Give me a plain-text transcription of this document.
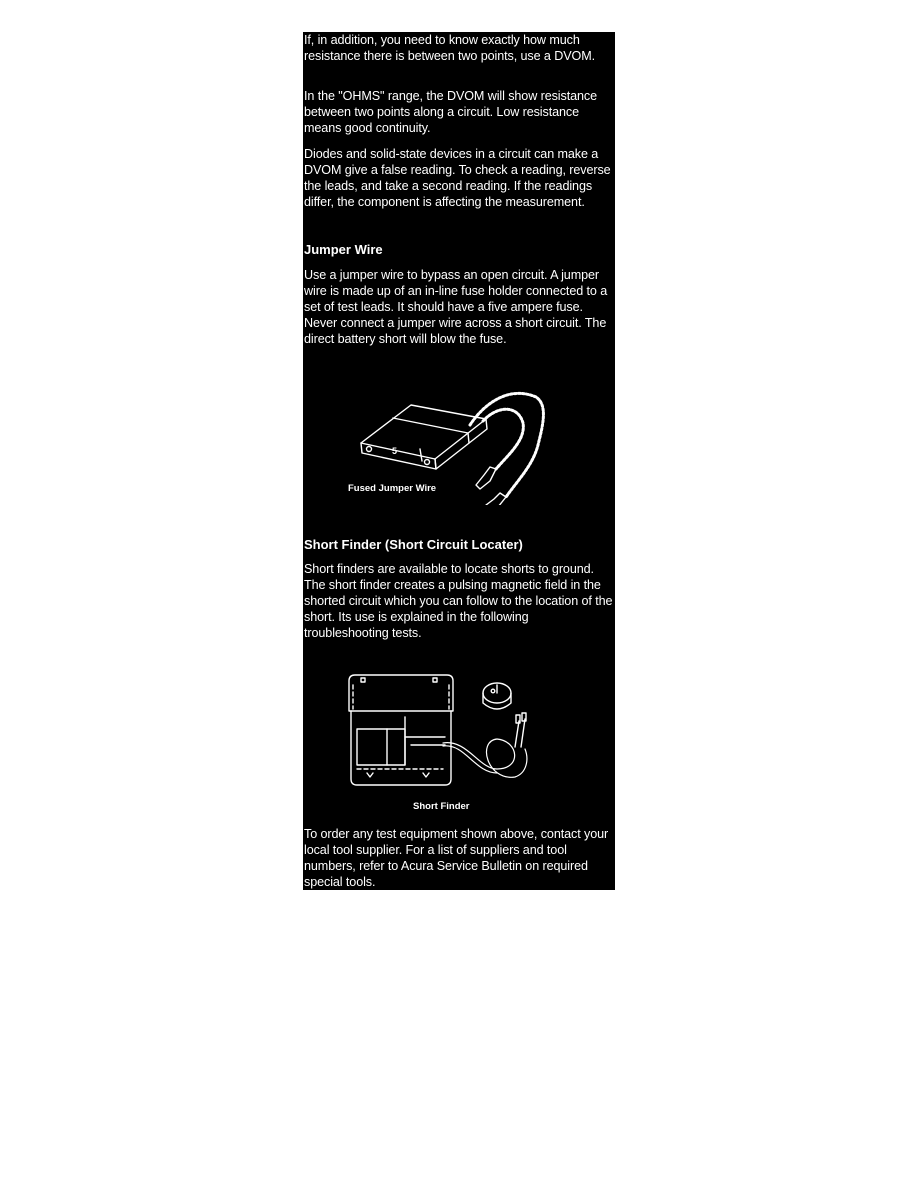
If, in addition, you need to know exactly how much resistance there is between two points, use a DVOM.

In the "OHMS" range, the DVOM will show resistance between two points along a circuit. Low resistance means good continuity.

Diodes and solid-state devices in a circuit can make a DVOM give a false reading. To check a reading, reverse the leads, and take a second reading. If the readings differ, the component is affecting the measurement.

Jumper Wire

Use a jumper wire to bypass an open circuit. A jumper wire is made up of an in-line fuse holder connected to a set of test leads. It should have a five ampere fuse. Never connect a jumper wire across a short circuit. The direct battery short will blow the fuse.

Fused Jumper Wire
5
Short Finder (Short Circuit Locater)

Short finders are available to locate shorts to ground. The short finder creates a pulsing magnetic field in the shorted circuit which you can follow to the location of the short. Its use is explained in the following troubleshooting tests.

Short Finder

To order any test equipment shown above, contact your local tool supplier. For a list of suppliers and tool numbers, refer to Acura Service Bulletin on required special tools.
